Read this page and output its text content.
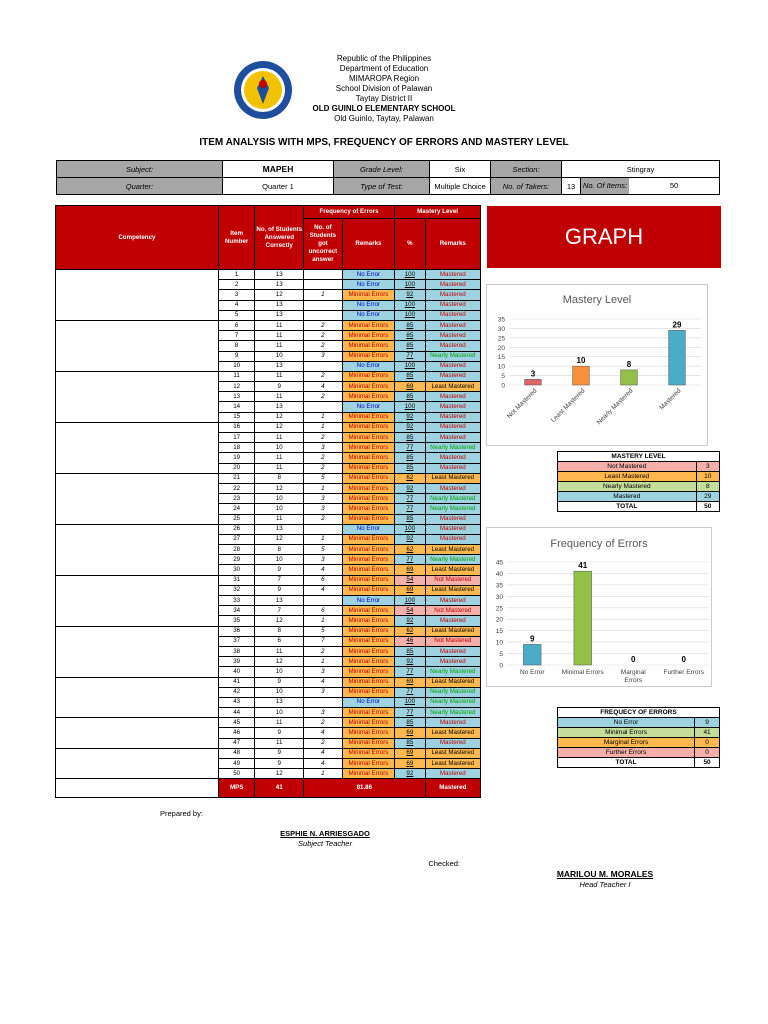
Republic of the Philippines
Department of Education
MIMAROPA Region
School Division of Palawan
Taytay District II
OLD GUINLO ELEMENTARY SCHOOL
Old Guinlo, Taytay, Palawan
ITEM ANALYSIS WITH MPS, FREQUENCY OF ERRORS AND MASTERY LEVEL
Subject:	MAPEH	Grade Level:	Six	Section:	Stingray	
Quarter:	Quarter 1	Type of Test:	Multiple Choice	No. of Takers:	13	No. Of Items: 50
Competency	Item Number	No. of Students Answered Correctly	Frequency of Errors		Mastery Level	
			No. of Students got uncorrect answer	Remarks	%	Remarks
	1	13		No Error	100	Mastered
	2	13		No Error	100	Mastered
	3	12	1	Minimal Errors	92	Mastered
	4	13		No Error	100	Mastered
	5	13		No Error	100	Mastered
	6	11	2	Minimal Errors	85	Mastered
	7	11	2	Minimal Errors	85	Mastered
	8	11	2	Minimal Errors	85	Mastered
	9	10	3	Minimal Errors	77	Nearly Mastered
	10	13		No Error	100	Mastered
	11	11	2	Minimal Errors	85	Mastered
	12	9	4	Minimal Errors	69	Least Mastered
	13	11	2	Minimal Errors	85	Mastered
	14	13		No Error	100	Mastered
	15	12	1	Minimal Errors	92	Mastered
	16	12	1	Minimal Errors	92	Mastered
	17	11	2	Minimal Errors	85	Mastered
	18	10	3	Minimal Errors	77	Nearly Mastered
	19	11	2	Minimal Errors	85	Mastered
	20	11	2	Minimal Errors	85	Mastered
	21	8	5	Minimal Errors	62	Least Mastered
	22	12	1	Minimal Errors	92	Mastered
	23	10	3	Minimal Errors	77	Nearly Mastered
	24	10	3	Minimal Errors	77	Nearly Mastered
	25	11	2	Minimal Errors	85	Mastered
	26	13		No Error	100	Mastered
	27	12	1	Minimal Errors	92	Mastered
	28	8	5	Minimal Errors	62	Least Mastered
	29	10	3	Minimal Errors	77	Nearly Mastered
	30	9	4	Minimal Errors	69	Least Mastered
	31	7	6	Minimal Errors	54	Not Mastered
	32	9	4	Minimal Errors	69	Least Mastered
	33	13		No Error	100	Mastered
	34	7	6	Minimal Errors	54	Not Mastered
	35	12	1	Minimal Errors	92	Mastered
	36	8	5	Minimal Errors	62	Least Mastered
	37	6	7	Minimal Errors	46	Not Mastered
	38	11	2	Minimal Errors	85	Mastered
	39	12	1	Minimal Errors	92	Mastered
	40	10	3	Minimal Errors	77	Nearly Mastered
	41	9	4	Minimal Errors	69	Least Mastered
	42	10	3	Minimal Errors	77	Nearly Mastered
	43	13		No Error	100	Nearly Mastered
	44	10	3	Minimal Errors	77	Nearly Mastered
	45	11	2	Minimal Errors	85	Mastered
	46	9	4	Minimal Errors	69	Least Mastered
	47	11	2	Minimal Errors	85	Mastered
	48	9	4	Minimal Errors	69	Least Mastered
	49	9	4	Minimal Errors	69	Least Mastered
	50	12	1	Minimal Errors	92	Mastered
	MPS	41	81.86			Mastered
GRAPH
Mastery Level
0
5
10
15
20
25
30
35
3
Not Mastered
10
Least Mastered
8
Nearly Mastered
29
Mastered
MASTERY LEVEL	
Not Mastered	3
Least Mastered	10
Nearly Mastered	8
Mastered	29
TOTAL	50
Frequency of Errors
0
5
10
15
20
25
30
35
40
45
9
No Error
41
Minimal Errors
0
Marginal
Errors
0
Further Errors
FREQUECY OF ERRORS	
No Error	9
Minimal Errors	41
Marginal Errors	0
Further Errors	0
TOTAL	50
Prepared by:
ESPHIE N. ARRIESGADO
Subject Teacher
Checked:
MARILOU M. MORALES
Head Teacher I
